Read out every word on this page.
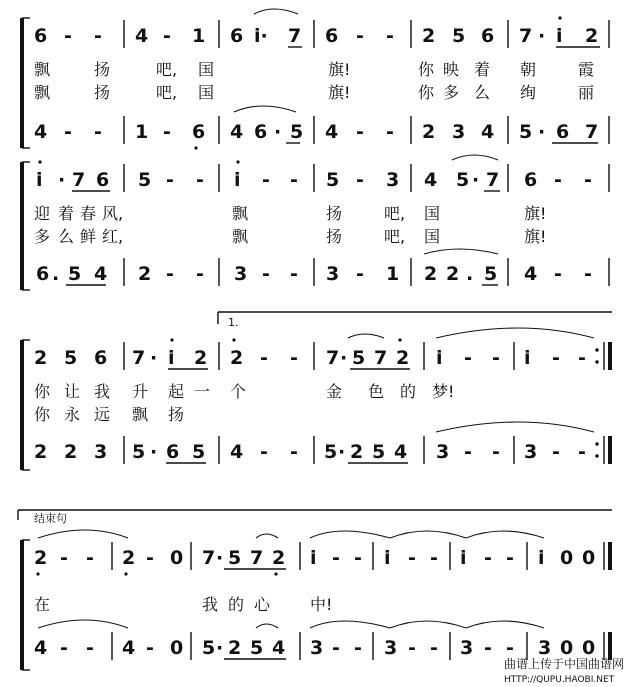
6 - - 4 - 1 6 i· 7 6 - - 2 5 6 7 · i 2
飘	扬	吧, 国	旗!	你 映 着 朝	霞
飘	扬	吧, 国	旗!	你 多 么 绚	丽
4 - - 1 - 6 4 6 · 5 4 - - 2 3 4 5 · 6 7
i · 7 6 5 - - i - - 5 - 3 4 5 · 7 6 - -
迎 着 春 风,	飘	扬	吧, 国	旗!
多 么 鲜 红,	飘	扬	吧, 国	旗!
6 . 5 4 2 - - 3 - - 3 - 1 2 2 . 5 4 - -
1.
2 5 6 7 · i 2 2 - - 7 · 5 7 2 i - - i - -
你 让 我 升 起 一 个	金 色 的 梦!
你 永 远 飘 扬
2 2 3 5 · 6 5 4 - - 5 · 2 5 4 3 - - 3 - -
结束句
2 - - 2 - 0 7 · 5 7 2 i - - i - - i - - i 0 0
在	我 的 心 中!
4 - - 4 - 0 5 · 2 5 4 3 - - 3 - - 3 - - 3 0 0
曲谱上传于中国曲谱网
HTTP://QUPU.HAOBI.NET
